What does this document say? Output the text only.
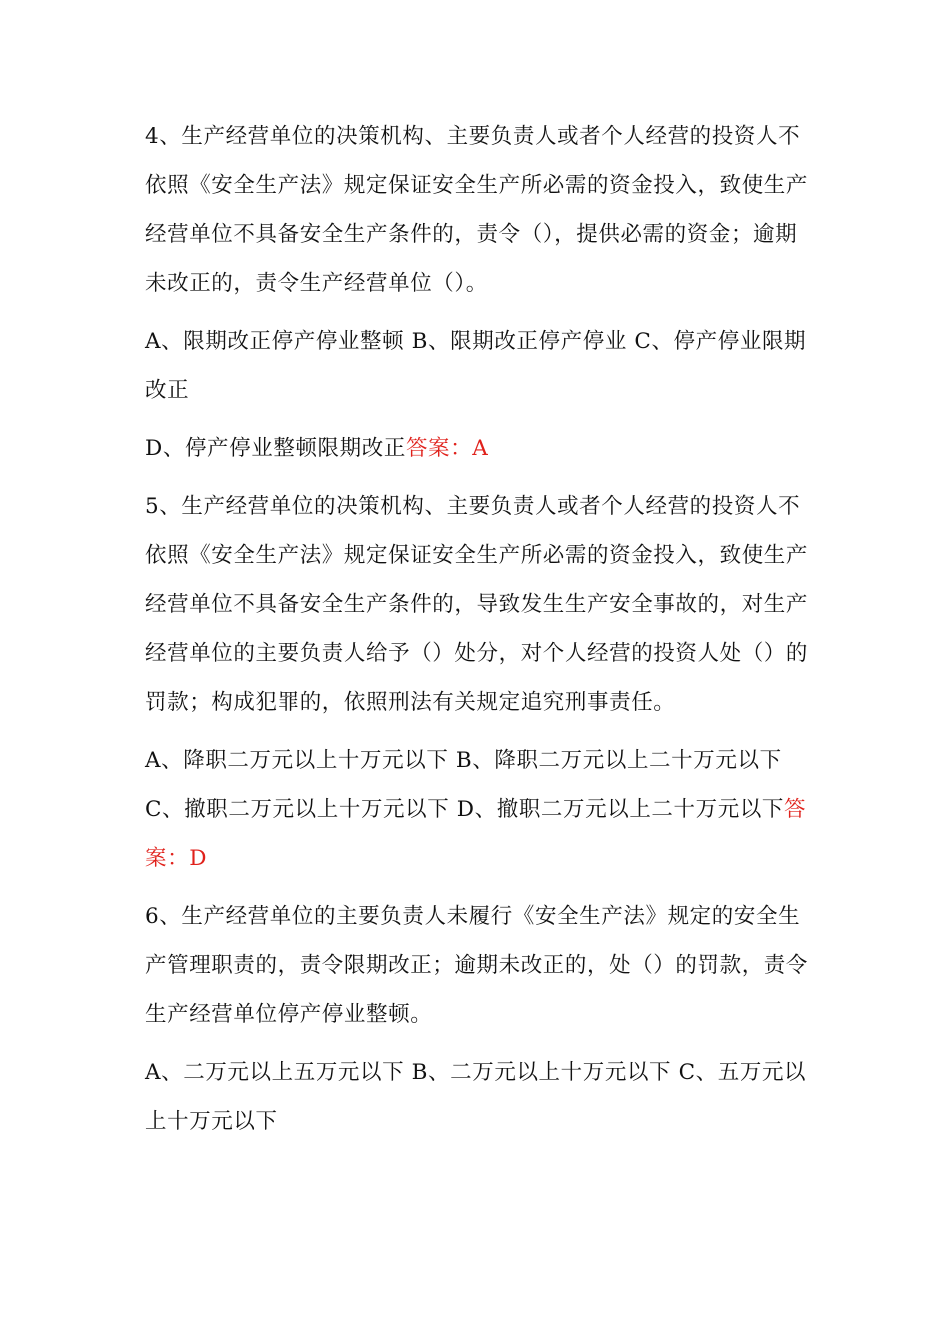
4、生产经营单位的决策机构、主要负责人或者个人经营的投资人不依照《安全生产法》规定保证安全生产所必需的资金投入，致使生产经营单位不具备安全生产条件的，责令（），提供必需的资金；逾期未改正的，责令生产经营单位（）。

A、限期改正停产停业整顿 B、限期改正停产停业 C、停产停业限期改正

D、停产停业整顿限期改正答案：A

5、生产经营单位的决策机构、主要负责人或者个人经营的投资人不依照《安全生产法》规定保证安全生产所必需的资金投入，致使生产经营单位不具备安全生产条件的，导致发生生产安全事故的，对生产经营单位的主要负责人给予（）处分，对个人经营的投资人处（）的罚款；构成犯罪的，依照刑法有关规定追究刑事责任。

A、降职二万元以上十万元以下 B、降职二万元以上二十万元以下 C、撤职二万元以上十万元以下 D、撤职二万元以上二十万元以下答案：D

6、生产经营单位的主要负责人未履行《安全生产法》规定的安全生产管理职责的，责令限期改正；逾期未改正的，处（）的罚款，责令生产经营单位停产停业整顿。

A、二万元以上五万元以下 B、二万元以上十万元以下 C、五万元以上十万元以下
